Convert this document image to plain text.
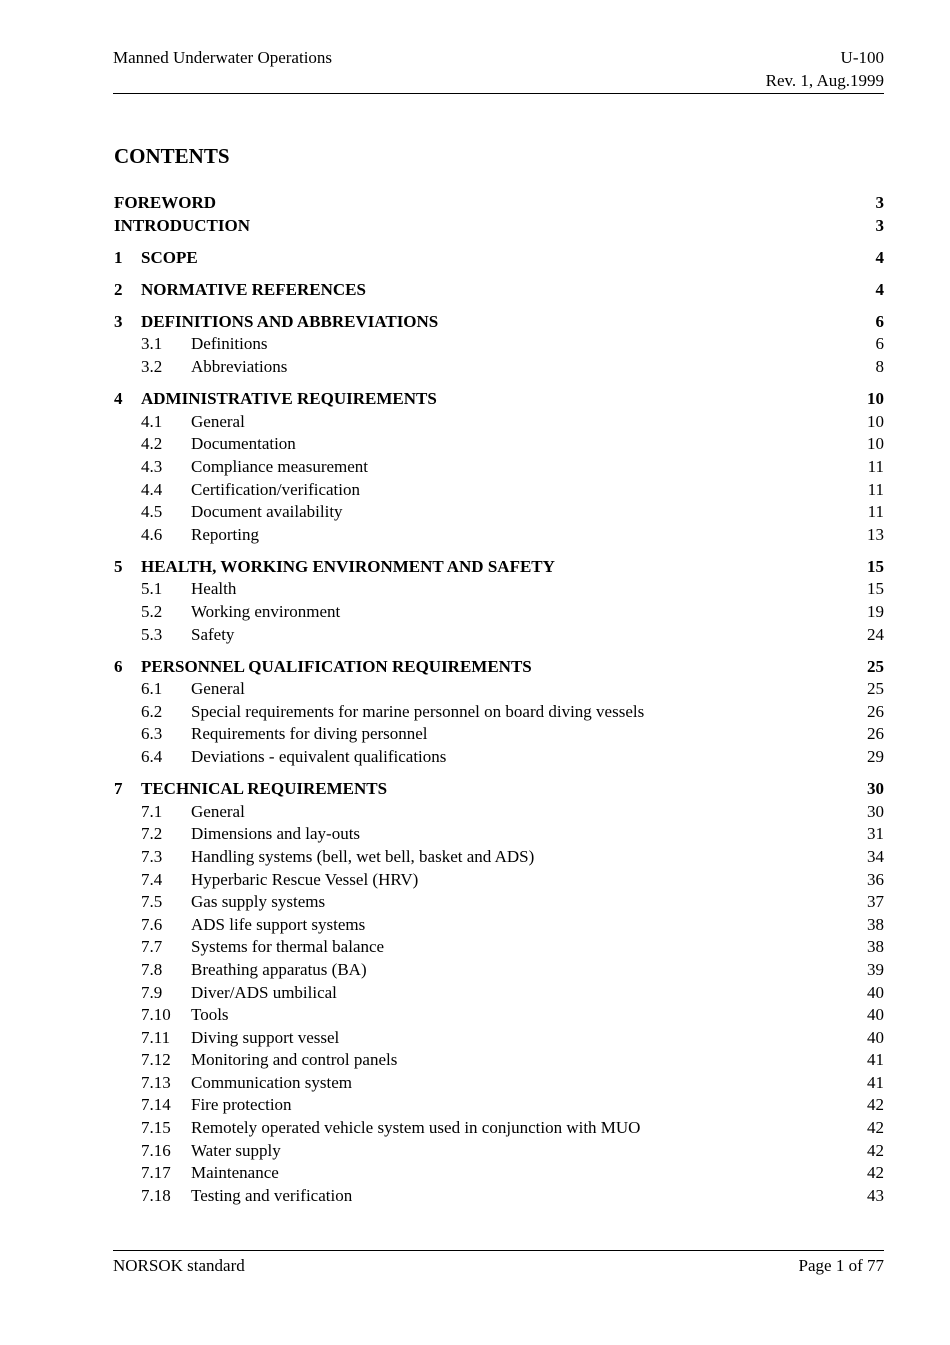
Manned Underwater Operations	U-100
Rev. 1, Aug.1999
CONTENTS
FOREWORD	3
INTRODUCTION	3
1	SCOPE	4
2	NORMATIVE REFERENCES	4
3	DEFINITIONS AND ABBREVIATIONS	6
3.1	Definitions	6
3.2	Abbreviations	8
4	ADMINISTRATIVE REQUIREMENTS	10
4.1	General	10
4.2	Documentation	10
4.3	Compliance measurement	11
4.4	Certification/verification	11
4.5	Document availability	11
4.6	Reporting	13
5	HEALTH, WORKING ENVIRONMENT AND SAFETY	15
5.1	Health	15
5.2	Working environment	19
5.3	Safety	24
6	PERSONNEL QUALIFICATION REQUIREMENTS	25
6.1	General	25
6.2	Special requirements for marine personnel on board diving vessels	26
6.3	Requirements for diving personnel	26
6.4	Deviations - equivalent qualifications	29
7	TECHNICAL REQUIREMENTS	30
7.1	General	30
7.2	Dimensions and lay-outs	31
7.3	Handling systems (bell, wet bell, basket and ADS)	34
7.4	Hyperbaric Rescue Vessel (HRV)	36
7.5	Gas supply systems	37
7.6	ADS life support systems	38
7.7	Systems for thermal balance	38
7.8	Breathing apparatus (BA)	39
7.9	Diver/ADS umbilical	40
7.10	Tools	40
7.11	Diving support vessel	40
7.12	Monitoring and control panels	41
7.13	Communication system	41
7.14	Fire protection	42
7.15	Remotely operated vehicle system used in conjunction with MUO	42
7.16	Water supply	42
7.17	Maintenance	42
7.18	Testing and verification	43
NORSOK standard	Page 1 of 77
